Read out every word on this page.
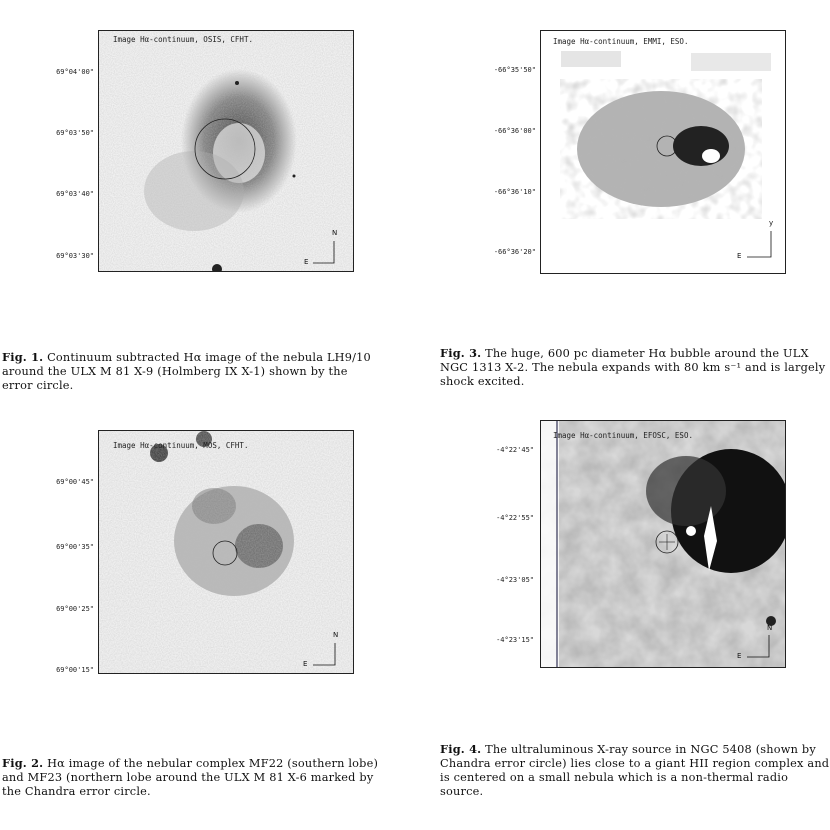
Image Hα-continuum, OSIS, CFHT.
N
E
69°04'00"
69°03'50"
69°03'40"
69°03'30"
Fig. 1. Continuum subtracted Hα image of the nebula LH9/10 around the ULX M 81 X-9 (Holmberg IX X-1) shown by the error circle.
Image Hα-continuum, EMMI, ESO.
y
E
-66°35'50"
-66°36'00"
-66°36'10"
-66°36'20"
Fig. 3. The huge, 600 pc diameter Hα bubble around the ULX NGC 1313 X-2. The nebula expands with 80 km s⁻¹ and is largely shock excited.
Image Hα-continuum, MOS, CFHT.
N
E
69°00'45"
69°00'35"
69°00'25"
69°00'15"
Fig. 2. Hα image of the nebular complex MF22 (southern lobe) and MF23 (northern lobe around the ULX M 81 X-6 marked by the Chandra error circle.
Image Hα-continuum, EFOSC, ESO.
N
E
-4°22'45"
-4°22'55"
-4°23'05"
-4°23'15"
Fig. 4. The ultraluminous X-ray source in NGC 5408 (shown by Chandra error circle) lies close to a giant HII region complex and is centered on a small nebula which is a non-thermal radio source.
